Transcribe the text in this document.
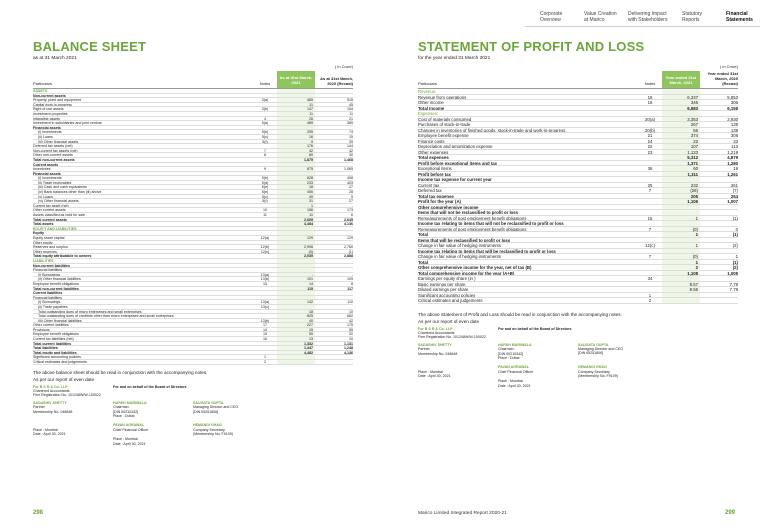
Corporate Overview
Value Creation at Marico
Delivering Impact with Stakeholders
Statutory Reports
Financial Statements
BALANCE SHEET
as at 31 March 2021
( in Crore)
Particulars	Notes
As at 31st March, 2021
As at 31st March, 2020 (Recast)
ASSETS
Non-current assets
Property, plant and equipment	3(a)	485	515
Capital work-in-progress	11	45
Right of use assets	3(b)	147	154
Investment properties	11	11
Intangible assets	4	26	21
Investment in subsidiaries and joint venture	5(a)	489	389
Financial assets
(i) Investments	5(b)	295	74
(ii) Loans	5(c)	16	15
(iii) Other financial assets	5(f)	9	39
Deferred tax assets (net)	176	144
Non-current tax assets (net)	7	42	42
Other non-current assets	8	80	30
Total non-current assets	1,875	1,468
Current assets
Inventories	9	875	1,065
Financial assets
(i) Investments	5(b)	628	408
(ii) Trade receivables	5(d)	233	403
(iii) Cash and cash equivalents	5(e)	18	27
(iv) Bank balances other than (iii) above	5(e)	406	28
(v) Loans	5(c)	49	9
(vi) Other financial assets	5(f)	31	27
Current tax asset (net)	1	-
Other current assets	10	156	173
Assets classified as held for sale	11	11	6
Total current assets	2,609	2,645
Total assets	4,484	4,136
EQUITY AND LIABILITIES
Equity
Equity share capital	12(a)	129	129
Other equity
Reserves and surplus	12(b)	2,906	2,760
Other reserves	12(c)	(0)	(1)
Total equity attributable to owners	2,035	2,888
LIABILITIES
Non-current liabilities
Financial liabilities
(i) Borrowings	13(a)	-	-
(ii) Other financial liabilities	13(b)	101	109
Employee benefit obligations	15	14	8
Total non-current liabilities	115	117
Current liabilities
Financial liabilities
(i) Borrowings	13(a)	142	110
(ii) Trade payables	13(c)
Total outstanding dues of micro enterprises and small enterprises	18	10
Total outstanding dues of creditors other than micro enterprises and small enterprises	825	682
(iii) Other financial liabilities	13(b)	40	42
Other current liabilities	17	227	175
Provisions	14	15	55
Employee benefit obligations	15	50	32
Current tax liabilities (net)	16	13	10
Total current liabilities	1,332	1,131
Total liabilities	1,447	1,248
Total equity and liabilities	4,482	4,136
Significant accounting policies	1
Critical estimates and judgements	2
The above balance sheet should be read in conjunction with the accompanying notes.
As per our report of even date
For B S R & Co. LLP
Chartered Accountants
Firm Registration No. 101248W/W-100022
SADASHIV SHETTY
Partner
Membership No. 048648
Place : Mumbai
Date : April 30, 2021
For and on behalf of the Board of Directors
HARSH MARIWALA
Chairman
[DIN 00210342]
Place : Dubai
PAVAN AGRAWAL
Chief Financial Officer
Place : Mumbai
Date : April 30, 2021
SAUGATA GUPTA
Managing Director and CEO
[DIN 05251806]
HEMANGI GHAG
Company Secretary
(Membership No. F9109)
298
STATEMENT OF PROFIT AND LOSS
for the year ended 31 March 2021
( in Crore)
Particulars	Notes
Year ended 31st March, 2021
Year ended 31st March, 2020 (Recast)
Revenue:
Revenue from operations	18	6,337	5,853
Other income	19	346	306
Total Income	6,683	6,159
Expenses:
Cost of materials consumed	20(a)	3,353	2,930
Purchases of stock-in-trade	267	138
Changes in inventories of finished goods, stock-in-trade and work-in-progress	20(b)	56	138
Employee benefit expense	21	374	308
Finance costs	24	22	33
Depreciation and amortization expense	22	107	113
Other expenses	23	1,133	1,219
Total expenses	5,312	4,879
Profit before exceptional items and tax	1,371	1,280
Exceptional items	36	60	19
Profit before tax	1,311	1,261
Income tax expense for current year
Current tax	25	232	261
Deferred tax	7	(28)	(7)
Total tax expense	205	254
Profit for the year (A)	1,106	1,007
Other comprehensive income
Items that will not be reclassified to profit or loss
Remeasurements of post employment benefit obligations	15	1	(1)
Income tax relating to items that will not be reclassified to profit or loss
Remeasurements of post employment benefit obligations	7	(0)	0
Total	1	(1)
Items that will be reclassified to profit or loss
Change in fair value of hedging instruments	12(c)	1	(2)
Income tax relating to items that will be reclassified to profit or loss
Change in fair value of hedging instruments	7	(0)	1
Total	1	(1)
Other comprehensive income for the year, net of tax (B)	2	(2)
Total comprehensive income for the year (A+B)	1,108	1,005
Earnings per equity share (in )	34
Basic earnings per share	8.57	7.79
Diluted earnings per share	8.56	7.79
Significant accounting policies	1
Critical estimates and judgements	2
The above Statement of Profit and Loss should be read in conjunction with the accompanying notes.
As per our report of even date
For B S R & Co. LLP
Chartered Accountants
Firm Registration No. 101248W/W-100022
SADASHIV SHETTY
Partner
Membership No. 048648
Place : Mumbai
Date : April 30, 2021
For and on behalf of the Board of Directors
HARSH MARIWALA
Chairman
[DIN 00210342]
Place : Dubai
PAVAN AGRAWAL
Chief Financial Officer
Place : Mumbai
Date : April 30, 2021
SAUGATA GUPTA
Managing Director and CEO
[DIN 05251806]
HEMANGI GHAG
Company Secretary
(Membership No. F9109)
Marico Limited Integrated Report 2020-21	299
